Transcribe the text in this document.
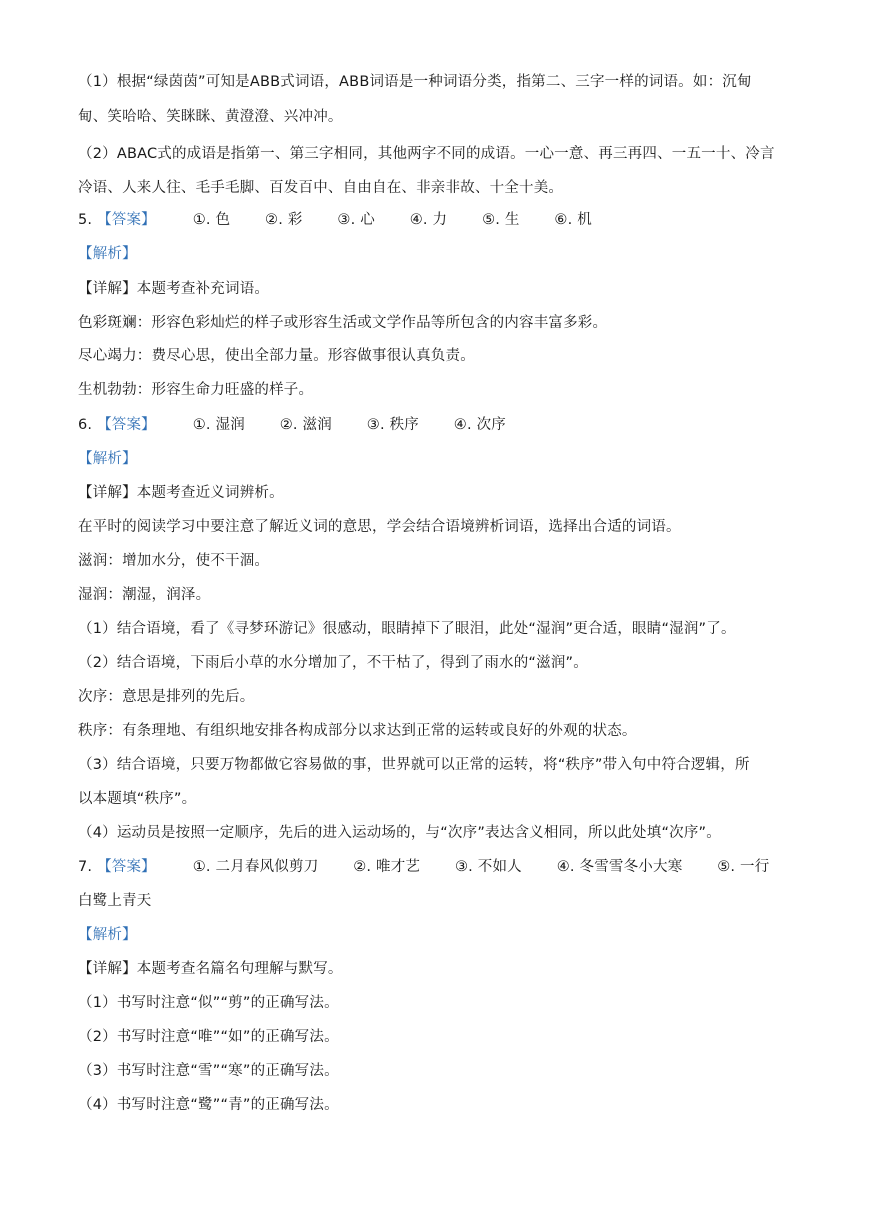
（1）根据“绿茵茵”可知是ABB式词语，ABB词语是一种词语分类，指第二、三字一样的词语。如：沉甸
甸、笑哈哈、笑眯眯、黄澄澄、兴冲冲。
（2）ABAC式的成语是指第一、第三字相同，其他两字不同的成语。一心一意、再三再四、一五一十、冷言
冷语、人来人往、毛手毛脚、百发百中、自由自在、非亲非故、十全十美。
5. 【答案】	①. 色 ②. 彩 ③. 心 ④. 力 ⑤. 生 ⑥. 机
【解析】
【详解】本题考查补充词语。
色彩斑斓：形容色彩灿烂的样子或形容生活或文学作品等所包含的内容丰富多彩。
尽心竭力：费尽心思，使出全部力量。形容做事很认真负责。
生机勃勃：形容生命力旺盛的样子。
6. 【答案】	①. 湿润 ②. 滋润 ③. 秩序 ④. 次序
【解析】
【详解】本题考查近义词辨析。
在平时的阅读学习中要注意了解近义词的意思，学会结合语境辨析词语，选择出合适的词语。
滋润：增加水分，使不干涸。
湿润：潮湿，润泽。
（1）结合语境，看了《寻梦环游记》很感动，眼睛掉下了眼泪，此处“湿润”更合适，眼睛“湿润”了。
（2）结合语境，下雨后小草的水分增加了，不干枯了，得到了雨水的“滋润”。
次序：意思是排列的先后。
秩序：有条理地、有组织地安排各构成部分以求达到正常的运转或良好的外观的状态。
（3）结合语境，只要万物都做它容易做的事，世界就可以正常的运转，将“秩序”带入句中符合逻辑，所
以本题填“秩序”。
（4）运动员是按照一定顺序，先后的进入运动场的，与“次序”表达含义相同，所以此处填“次序”。
7. 【答案】	①. 二月春风似剪刀 ②. 唯才艺 ③. 不如人 ④. 冬雪雪冬小大寒 ⑤. 一行
白鹭上青天
【解析】
【详解】本题考查名篇名句理解与默写。
（1）书写时注意“似”“剪”的正确写法。
（2）书写时注意“唯”“如”的正确写法。
（3）书写时注意“雪”“寒”的正确写法。
（4）书写时注意“鹭”“青”的正确写法。
